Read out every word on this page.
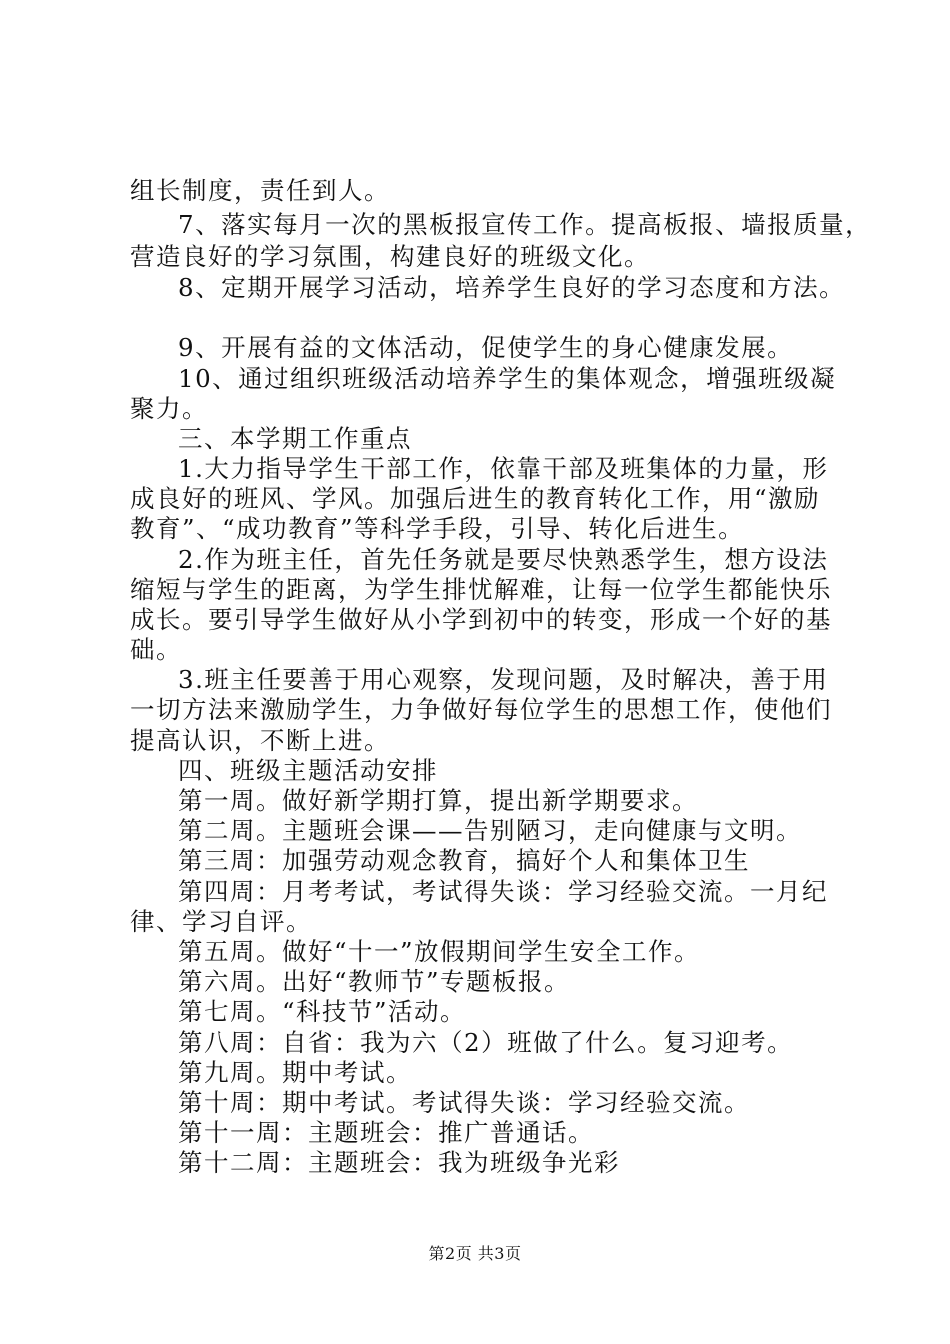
组长制度，责任到人。
7、落实每月一次的黑板报宣传工作。提高板报、墙报质量，
营造良好的学习氛围，构建良好的班级文化。
8、定期开展学习活动，培养学生良好的学习态度和方法。
9、开展有益的文体活动，促使学生的身心健康发展。
10、通过组织班级活动培养学生的集体观念，增强班级凝
聚力。
三、本学期工作重点
1.大力指导学生干部工作，依靠干部及班集体的力量，形
成良好的班风、学风。加强后进生的教育转化工作，用“激励
教育”、“成功教育”等科学手段，引导、转化后进生。
2.作为班主任，首先任务就是要尽快熟悉学生，想方设法
缩短与学生的距离，为学生排忧解难，让每一位学生都能快乐
成长。要引导学生做好从小学到初中的转变，形成一个好的基
础。
3.班主任要善于用心观察，发现问题，及时解决，善于用
一切方法来激励学生，力争做好每位学生的思想工作，使他们
提高认识，不断上进。
四、班级主题活动安排
第一周。做好新学期打算，提出新学期要求。
第二周。主题班会课——告别陋习，走向健康与文明。
第三周：加强劳动观念教育，搞好个人和集体卫生
第四周：月考考试，考试得失谈：学习经验交流。一月纪
律、学习自评。
第五周。做好“十一”放假期间学生安全工作。
第六周。出好“教师节”专题板报。
第七周。“科技节”活动。
第八周：自省：我为六（2）班做了什么。复习迎考。
第九周。期中考试。
第十周：期中考试。考试得失谈：学习经验交流。
第十一周：主题班会：推广普通话。
第十二周：主题班会：我为班级争光彩
第2页 共3页
